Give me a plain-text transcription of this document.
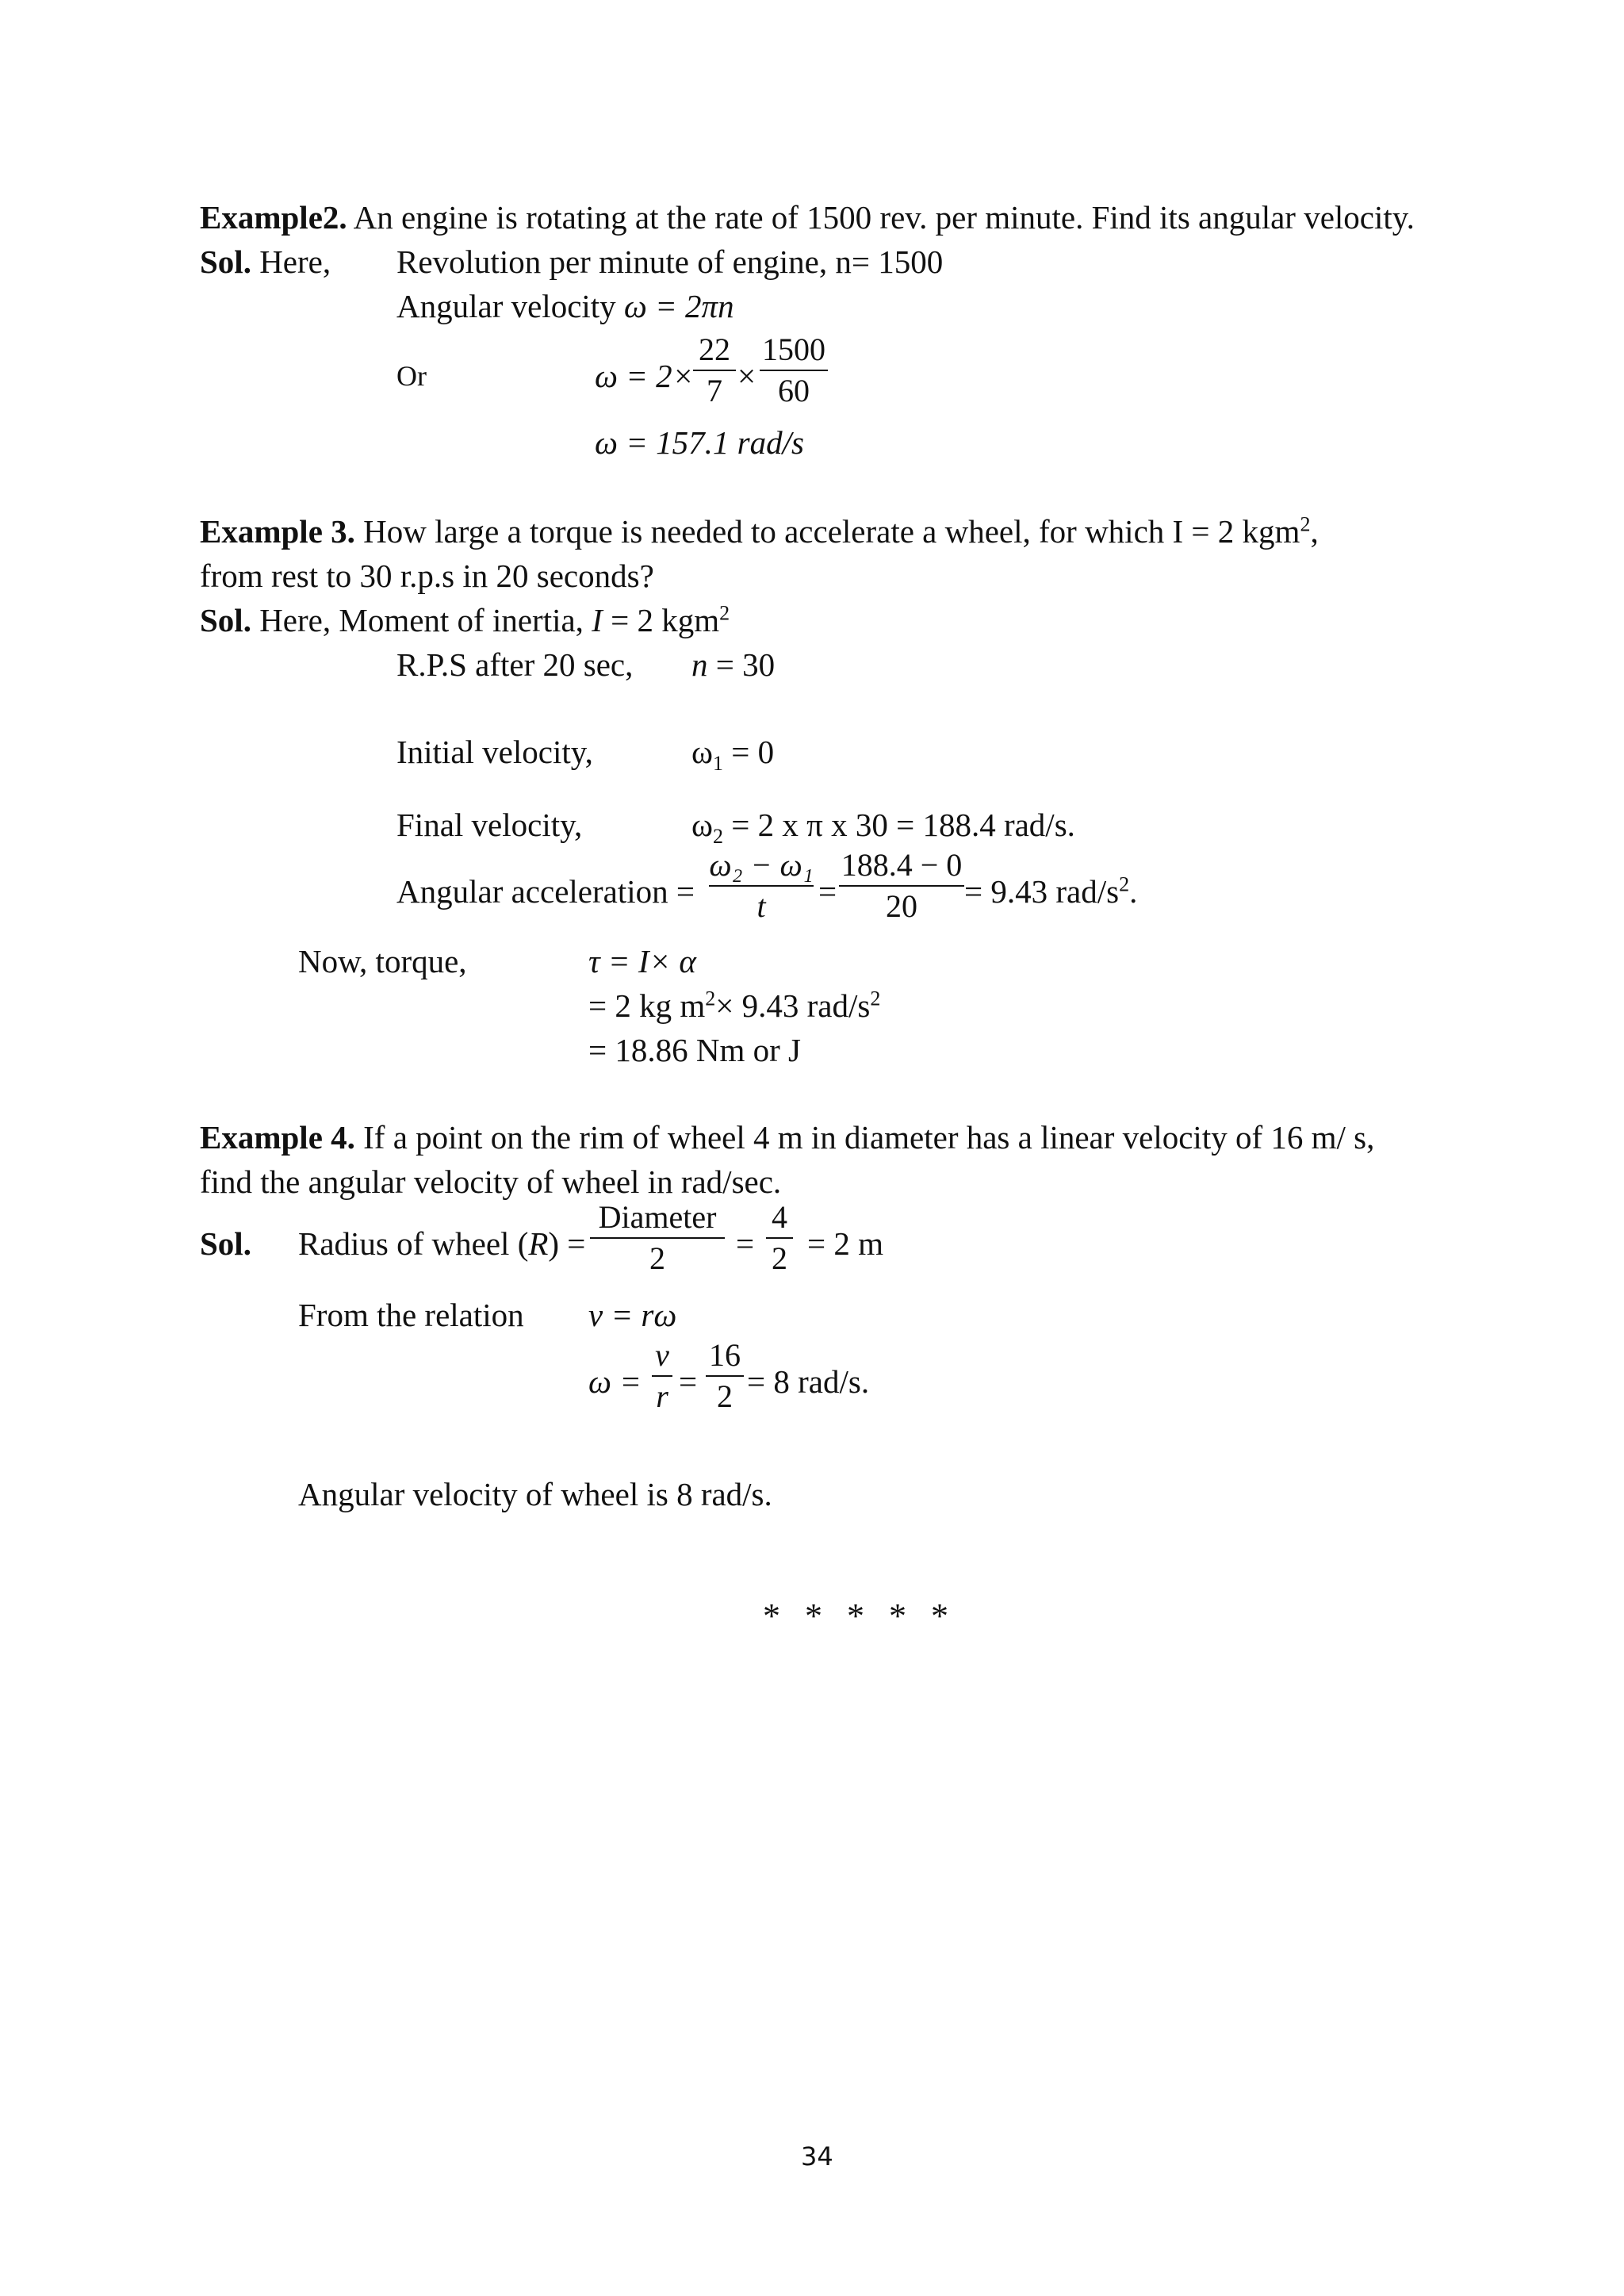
Example2. An engine is rotating at the rate of 1500 rev. per minute. Find its angular velocity.
Sol. Here, Revolution per minute of engine, n= 1500
Angular velocity ω = 2πn
Or	ω = 2×
22
7 ×
1500
60
ω = 157.1 rad/s
Example 3. How large a torque is needed to accelerate a wheel, for which I = 2 kgm$^2$,
from rest to 30 r.p.s in 20 seconds?
Sol. Here, Moment of inertia, I = 2 kgm$^2$
R.P.S after 20 sec, n = 30
Initial velocity,	$\omega_1 = 0$
Final velocity,	$\omega_2 = 2$ x π x 30 = 188.4 rad/s.
Angular acceleration =
ω₂ − ω₁
t	=
188.4 − 0
20	= 9.43 rad/$s^2$.
Now, torque,	τ = I× α
= 2 kg $m^2\times 9.43$ rad/$s^2$
= 18.86 Nm or J
Example 4. If a point on the rim of wheel 4 m in diameter has a linear velocity of 16 m/ s,
find the angular velocity of wheel in rad/sec.
Sol. Radius of wheel (R) =
Diameter
2	=
4
2 = 2 m
From the relation v = rω
ω =
v
r =
16
2 = 8 rad/s.
Angular velocity of wheel is 8 rad/s.
* * * * *
34
